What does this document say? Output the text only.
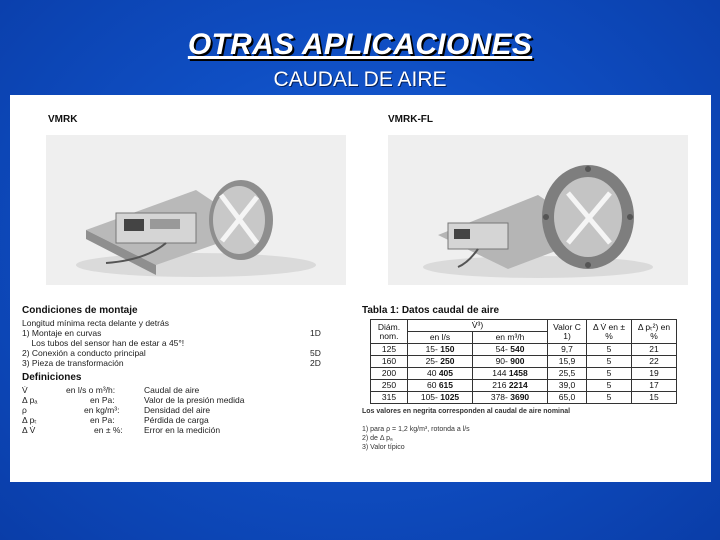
OTRAS APLICACIONES
CAUDAL DE AIRE
VMRK	VMRK-FL
Condiciones de montaje
Longitud mínima recta delante y detrás
1) Montaje en curvas	1D
Los tubos del sensor han de estar a 45°!
2) Conexión a conducto principal	5D
3) Pieza de transformación	2D
Definiciones
V̇	en l/s o m³/h:	Caudal de aire
Δ pₐ	en Pa:	Valor de la presión medida
ρ	en kg/m³:	Densidad del aire
Δ pₜ	en Pa:	Pérdida de carga
Δ V̇	en ± %: Error en la medición
Tabla 1: Datos caudal de aire
Diám. nom.	V̇³)		Valor C 1)	Δ V̇ en ± %	Δ pₜ²) en %
	en l/s	en m³/h			
125	15- 150	54- 540	9,7	5	21
160	25- 250	90- 900	15,9	5	22
200	40 405	144 1458	25,5	5	19
250	60 615	216 2214	39,0	5	17
315	105- 1025	378- 3690	65,0	5	15
Los valores en negrita corresponden al caudal de aire nominal
1) para ρ = 1,2 kg/m³, rotonda a l/s
2) de Δ pₐ
3) Valor típico
